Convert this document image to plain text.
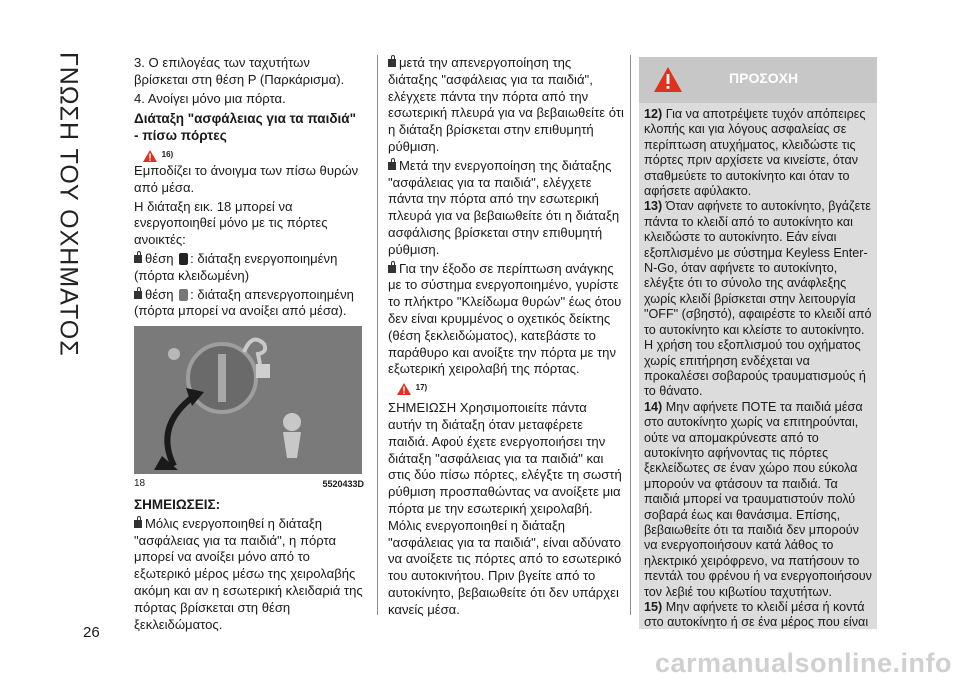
ΓΝΩΣΗ ΤΟΥ ΟΧΗΜΑΤΟΣ
26

3. Ο επιλογέας των ταχυτήτων βρίσκεται στη θέση P (Παρκάρισμα).

4. Ανοίγει μόνο μια πόρτα.

Διάταξη "ασφάλειας για τα παιδιά" - πίσω πόρτες

16)

Εμποδίζει το άνοιγμα των πίσω θυρών από μέσα.

Η διάταξη εικ. 18 μπορεί να ενεργοποιηθεί μόνο με τις πόρτες ανοικτές:

θέση : διάταξη ενεργοποιημένη (πόρτα κλειδωμένη)

θέση : διάταξη απενεργοποιημένη (πόρτα μπορεί να ανοίξει από μέσα).

18	5520433D

ΣΗΜΕΙΩΣΕΙΣ:

Μόλις ενεργοποιηθεί η διάταξη "ασφάλειας για τα παιδιά", η πόρτα μπορεί να ανοίξει μόνο από το εξωτερικό μέρος μέσω της χειρολαβής ακόμη και αν η εσωτερική κλειδαριά της πόρτας βρίσκεται στη θέση ξεκλειδώματος.

μετά την απενεργοποίηση της διάταξης "ασφάλειας για τα παιδιά", ελέγχετε πάντα την πόρτα από την εσωτερική πλευρά για να βεβαιωθείτε ότι η διάταξη βρίσκεται στην επιθυμητή ρύθμιση.

Μετά την ενεργοποίηση της διάταξης "ασφάλειας για τα παιδιά", ελέγχετε πάντα την πόρτα από την εσωτερική πλευρά για να βεβαιωθείτε ότι η διάταξη ασφάλισης βρίσκεται στην επιθυμητή ρύθμιση.

Για την έξοδο σε περίπτωση ανάγκης με το σύστημα ενεργοποιημένο, γυρίστε το πλήκτρο "Κλείδωμα θυρών" έως ότου δεν είναι κρυμμένος ο οχετικός δείκτης (θέση ξεκλειδώματος), κατεβάστε το παράθυρο και ανοίξτε την πόρτα με την εξωτερική χειρολαβή της πόρτας.

17)

ΣΗΜΕΙΩΣΗ Χρησιμοποιείτε πάντα αυτήν τη διάταξη όταν μεταφέρετε παιδιά. Αφού έχετε ενεργοποιήσει την διάταξη "ασφάλειας για τα παιδιά" και στις δύο πίσω πόρτες, ελέγξτε τη σωστή ρύθμιση προσπαθώντας να ανοίξετε μια πόρτα με την εσωτερική χειρολαβή. Μόλις ενεργοποιηθεί η διάταξη "ασφάλειας για τα παιδιά", είναι αδύνατο να ανοίξετε τις πόρτες από το εσωτερικό του αυτοκινήτου. Πριν βγείτε από το αυτοκίνητο, βεβαιωθείτε ότι δεν υπάρχει κανείς μέσα.

ΠΡΟΣΟΧΗ

12) Για να αποτρέψετε τυχόν απόπειρες κλοπής και για λόγους ασφαλείας σε περίπτωση ατυχήματος, κλειδώστε τις πόρτες πριν αρχίσετε να κινείστε, όταν σταθμεύετε το αυτοκίνητο και όταν το αφήσετε αφύλακτο.

13) Όταν αφήνετε το αυτοκίνητο, βγάζετε πάντα το κλειδί από το αυτοκίνητο και κλειδώστε το αυτοκίνητο. Εάν είναι εξοπλισμένο με σύστημα Keyless Enter-N-Go, όταν αφήνετε το αυτοκίνητο, ελέγξτε ότι το σύνολο της ανάφλεξης χωρίς κλειδί βρίσκεται στην λειτουργία "OFF" (σβηστό), αφαιρέστε το κλειδί από το αυτοκίνητο και κλείστε το αυτοκίνητο. Η χρήση του εξοπλισμού του οχήματος χωρίς επιτήρηση ενδέχεται να προκαλέσει σοβαρούς τραυματισμούς ή το θάνατο.

14) Μην αφήνετε ΠΟΤΕ τα παιδιά μέσα στο αυτοκίνητο χωρίς να επιτηρούνται, ούτε να απομακρύνεστε από το αυτοκίνητο αφήνοντας τις πόρτες ξεκλείδωτες σε έναν χώρο που εύκολα μπορούν να φτάσουν τα παιδιά. Τα παιδιά μπορεί να τραυματιστούν πολύ σοβαρά έως και θανάσιμα. Επίσης, βεβαιωθείτε ότι τα παιδιά δεν μπορούν να ενεργοποιήσουν κατά λάθος το ηλεκτρικό χειρόφρενο, να πατήσουν το πεντάλ του φρένου ή να ενεργοποιήσουν τον λεβιέ του κιβωτίου ταχυτήτων.

15) Μην αφήνετε το κλειδί μέσα ή κοντά στο αυτοκίνητο ή σε ένα μέρος που είναι

carmanualsonline.info
